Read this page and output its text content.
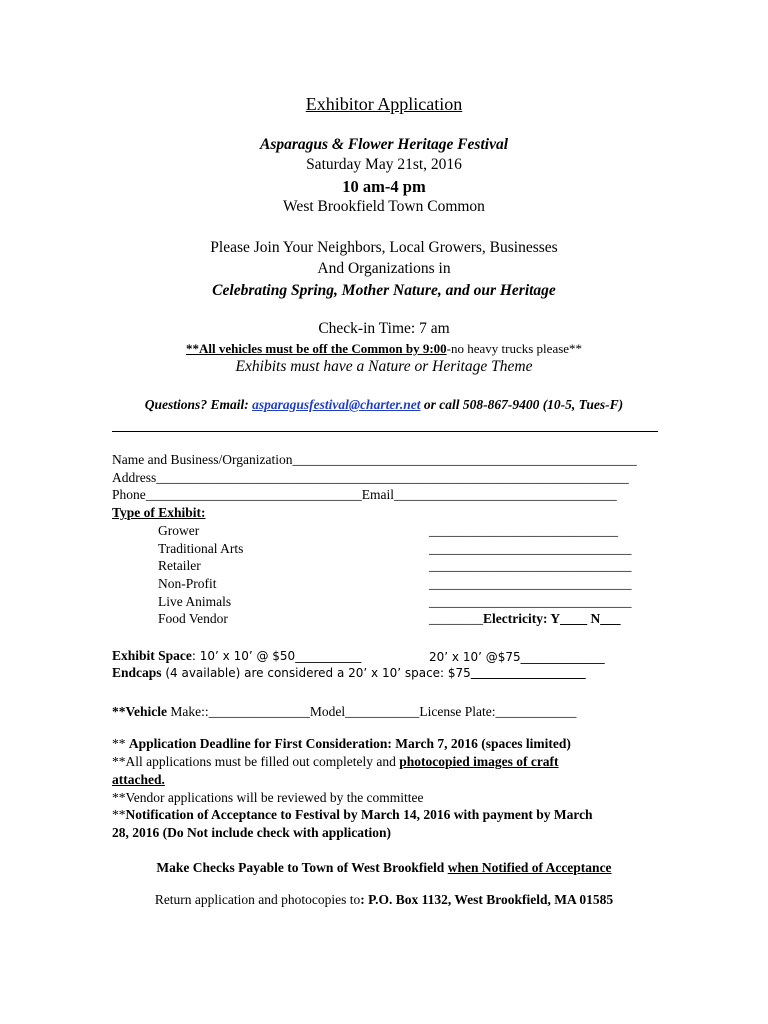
Exhibitor Application
Asparagus & Flower Heritage Festival
Saturday May 21st, 2016
10 am-4 pm
West Brookfield Town Common
Please Join Your Neighbors, Local Growers, Businesses
And Organizations in
Celebrating Spring, Mother Nature, and our Heritage
Check-in Time: 7 am
**All vehicles must be off the Common by 9:00-no heavy trucks please**
Exhibits must have a Nature or Heritage Theme
Questions? Email: asparagusfestival@charter.net or call 508-867-9400 (10-5, Tues-F)
Name and Business/Organization___________________________________________________
Address______________________________________________________________________
Phone________________________________Email_________________________________
Type of Exhibit:
Grower	____________________________
Traditional Arts	______________________________
Retailer	______________________________
Non-Profit	______________________________
Live Animals	______________________________
Food Vendor	________Electricity: Y____ N___
Exhibit Space: 10’ x 10’ @ $50___________	20’ x 10’ @$75______________
Endcaps (4 available) are considered a 20’ x 10’ space: $75_________________
**Vehicle Make::_______________Model___________License Plate:____________
** Application Deadline for First Consideration: March 7, 2016 (spaces limited)
**All applications must be filled out completely and photocopied images of craft
attached.
**Vendor applications will be reviewed by the committee
**Notification of Acceptance to Festival by March 14, 2016 with payment by March
28, 2016 (Do Not include check with application)
Make Checks Payable to Town of West Brookfield when Notified of Acceptance
Return application and photocopies to: P.O. Box 1132, West Brookfield, MA 01585
